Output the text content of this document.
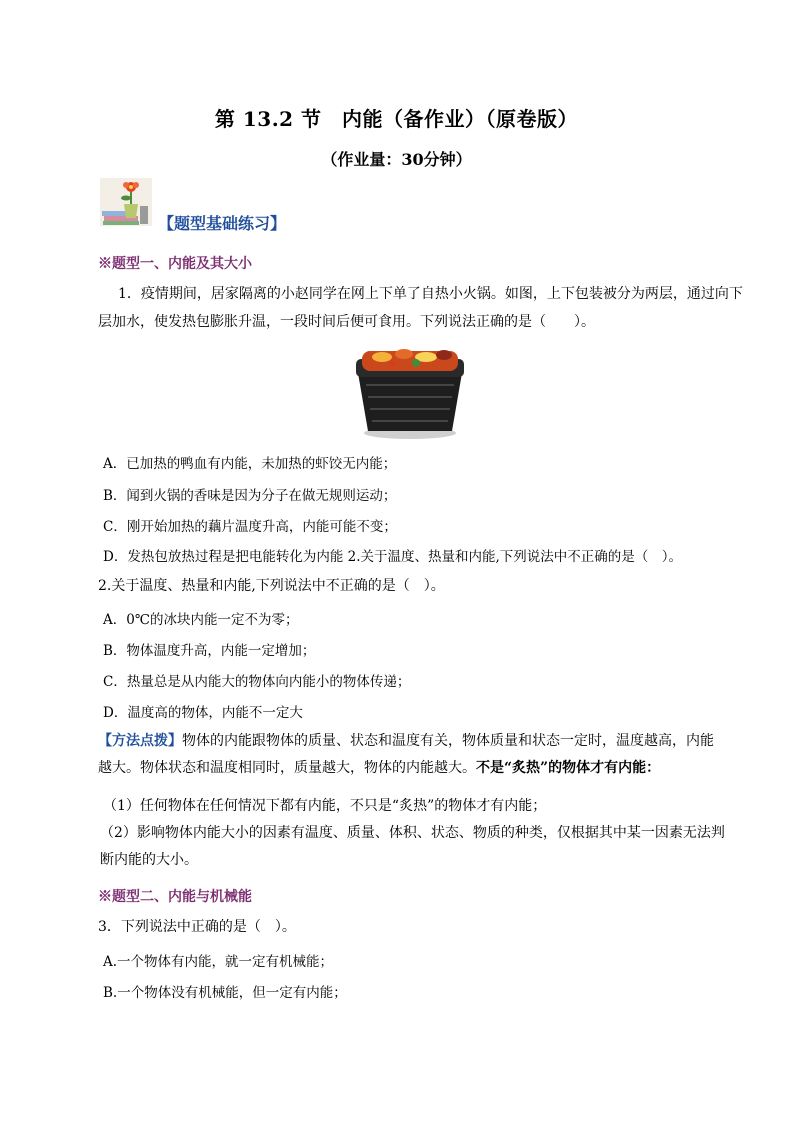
第 13.2 节　内能（备作业）（原卷版）
（作业量：30分钟）
【题型基础练习】
※题型一、内能及其大小
1．疫情期间，居家隔离的小赵同学在网上下单了自热小火锅。如图，上下包装被分为两层，通过向下
层加水，使发热包膨胀升温，一段时间后便可食用。下列说法正确的是（　　）。
A．已加热的鸭血有内能，未加热的虾饺无内能；
B．闻到火锅的香味是因为分子在做无规则运动；
C．刚开始加热的藕片温度升高，内能可能不变；
D．发热包放热过程是把电能转化为内能 2.关于温度、热量和内能,下列说法中不正确的是（　）。
2.关于温度、热量和内能,下列说法中不正确的是（　）。
A．0℃的冰块内能一定不为零；
B．物体温度升高，内能一定增加；
C．热量总是从内能大的物体向内能小的物体传递；
D．温度高的物体，内能不一定大
【方法点拨】物体的内能跟物体的质量、状态和温度有关，物体质量和状态一定时，温度越高，内能越大。物体状态和温度相同时，质量越大，物体的内能越大。不是“炙热”的物体才有内能：
（1）任何物体在任何情况下都有内能，不只是“炙热”的物体才有内能；
（2）影响物体内能大小的因素有温度、质量、体积、状态、物质的种类，仅根据其中某一因素无法判断内能的大小。
※题型二、内能与机械能
3．下列说法中正确的是（　）。
A.一个物体有内能，就一定有机械能；
B.一个物体没有机械能，但一定有内能；
